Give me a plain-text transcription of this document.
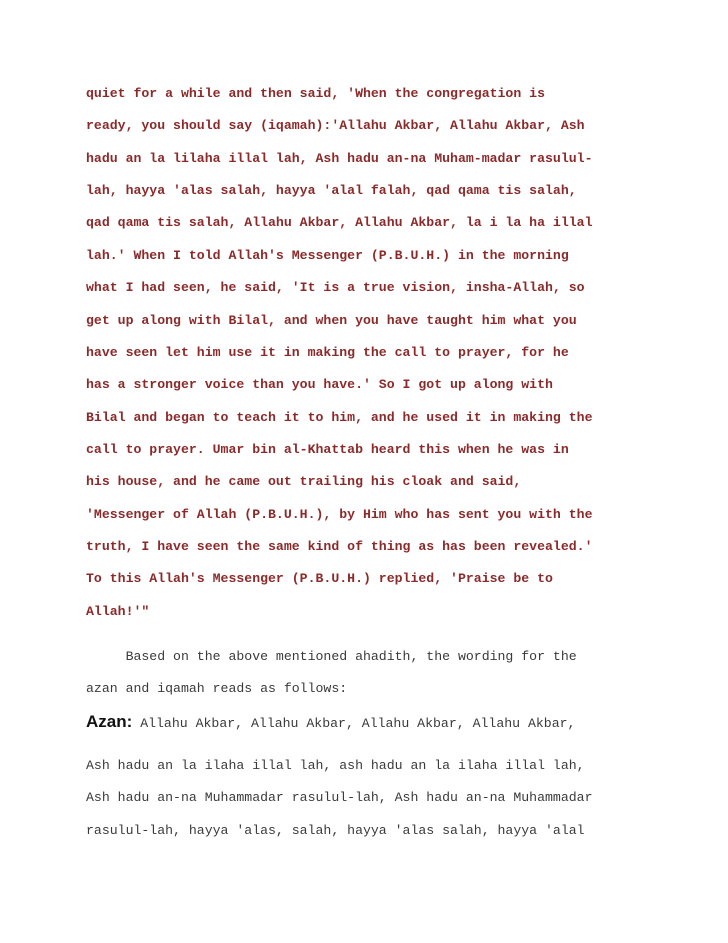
quiet for a while and then said, 'When the congregation is
ready, you should say (iqamah):'Allahu Akbar, Allahu Akbar, Ash
hadu an la lilaha illal lah, Ash hadu an-na Muham-madar rasulul-
lah, hayya 'alas salah, hayya 'alal falah, qad qama tis salah,
qad qama tis salah, Allahu Akbar, Allahu Akbar, la i la ha illal
lah.' When I told Allah's Messenger (P.B.U.H.) in the morning
what I had seen, he said, 'It is a true vision, insha-Allah, so
get up along with Bilal, and when you have taught him what you
have seen let him use it in making the call to prayer, for he
has a stronger voice than you have.' So I got up along with
Bilal and began to teach it to him, and he used it in making the
call to prayer. Umar bin al-Khattab heard this when he was in
his house, and he came out trailing his cloak and said,
'Messenger of Allah (P.B.U.H.), by Him who has sent you with the
truth, I have seen the same kind of thing as has been revealed.'
To this Allah's Messenger (P.B.U.H.) replied, 'Praise be to
Allah!'"
Based on the above mentioned ahadith, the wording for the
azan and iqamah reads as follows:
Azan: Allahu Akbar, Allahu Akbar, Allahu Akbar, Allahu Akbar,
Ash hadu an la ilaha illal lah, ash hadu an la ilaha illal lah,
Ash hadu an-na Muhammadar rasulul-lah, Ash hadu an-na Muhammadar
rasulul-lah, hayya 'alas, salah, hayya 'alas salah, hayya 'alal
